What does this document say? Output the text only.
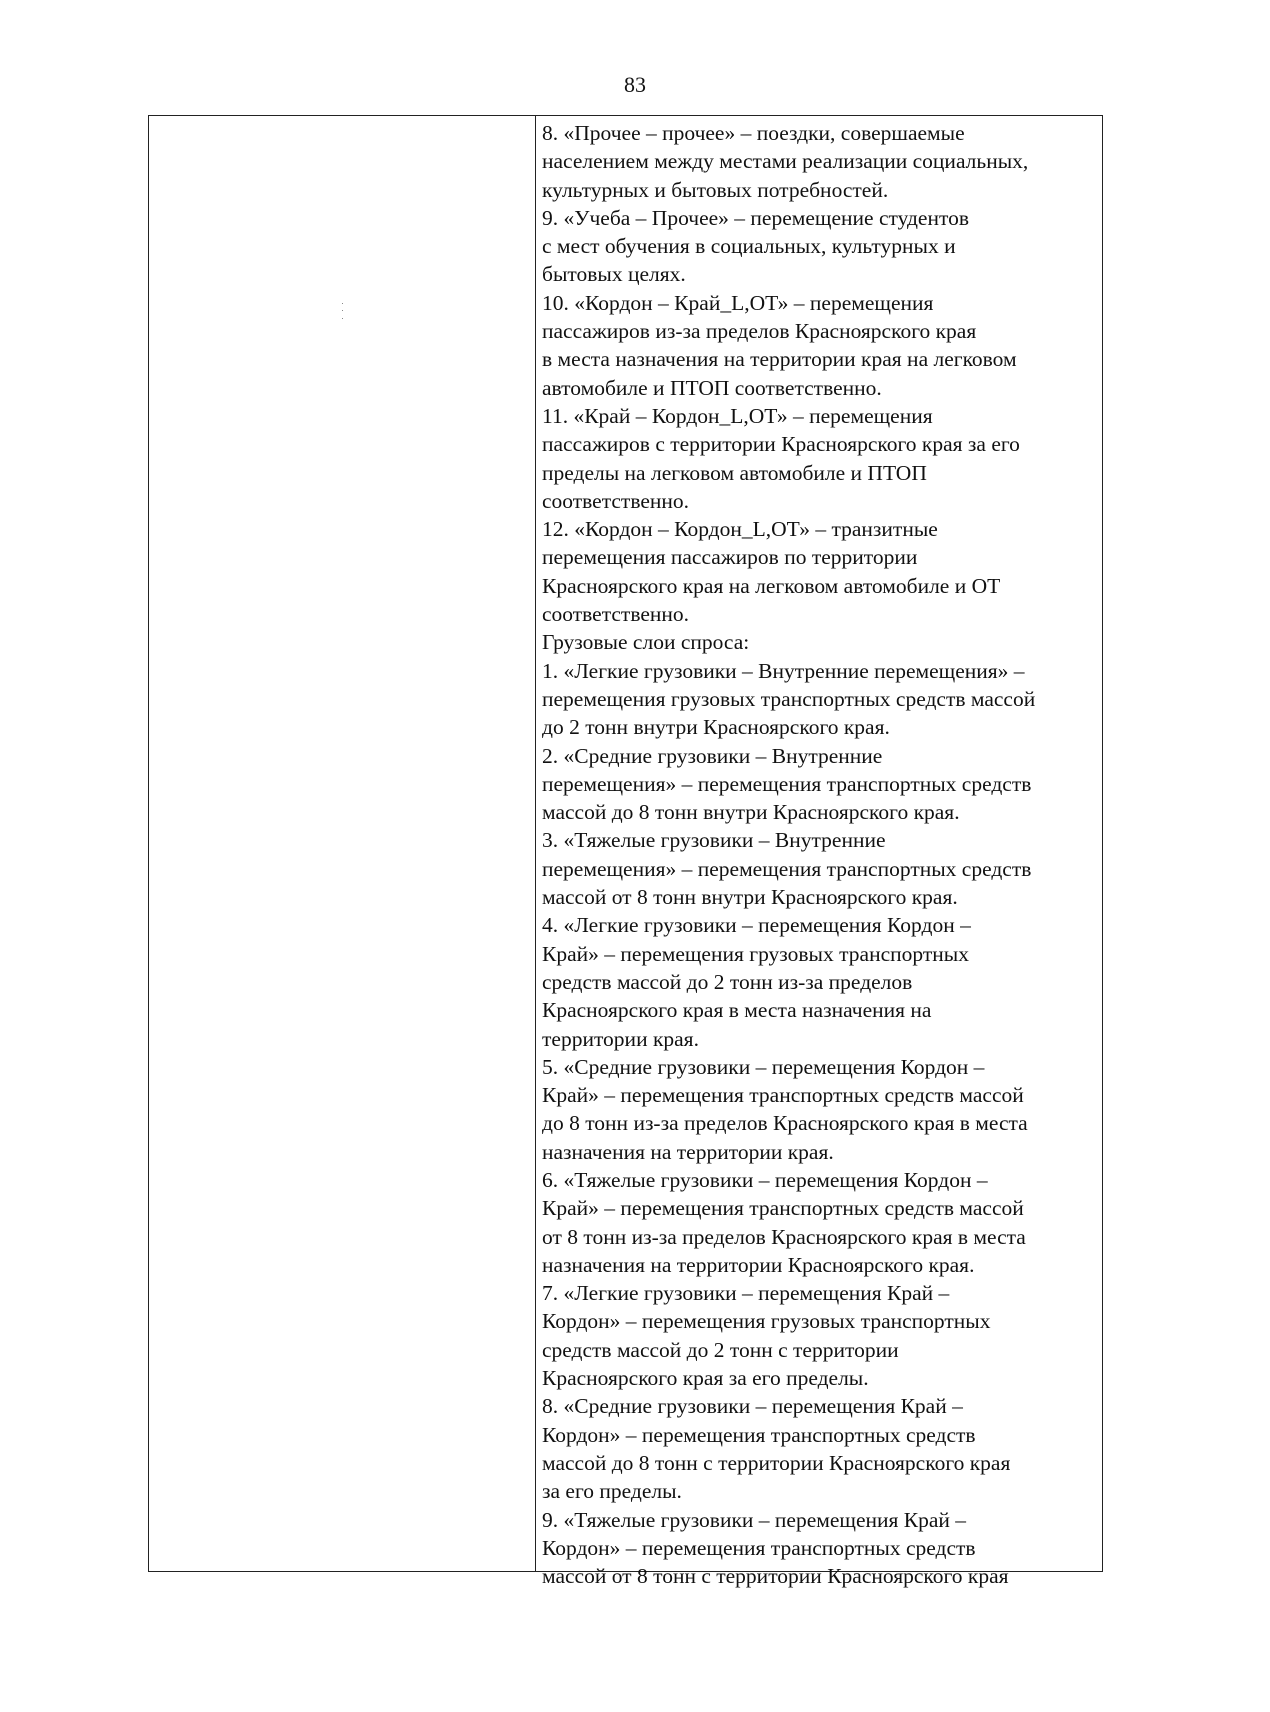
83
8. «Прочее – прочее» – поездки, совершаемые
населением между местами реализации социальных,
культурных и бытовых потребностей.
9. «Учеба – Прочее» – перемещение студентов
с мест обучения в социальных, культурных и
бытовых целях.
10. «Кордон – Край_L,ОТ» – перемещения
пассажиров из-за пределов Красноярского края
в места назначения на территории края на легковом
автомобиле и ПТОП соответственно.
11. «Край – Кордон_L,ОТ» – перемещения
пассажиров с территории Красноярского края за его
пределы на легковом автомобиле и ПТОП
соответственно.
12. «Кордон – Кордон_L,ОТ» – транзитные
перемещения пассажиров по территории
Красноярского края на легковом автомобиле и ОТ
соответственно.
Грузовые слои спроса:
1. «Легкие грузовики – Внутренние перемещения» –
перемещения грузовых транспортных средств массой
до 2 тонн внутри Красноярского края.
2. «Средние грузовики – Внутренние
перемещения» – перемещения транспортных средств
массой до 8 тонн внутри Красноярского края.
3. «Тяжелые грузовики – Внутренние
перемещения» – перемещения транспортных средств
массой от 8 тонн внутри Красноярского края.
4. «Легкие грузовики – перемещения Кордон –
Край» – перемещения грузовых транспортных
средств массой до 2 тонн из-за пределов
Красноярского края в места назначения на
территории края.
5. «Средние грузовики – перемещения Кордон –
Край» – перемещения транспортных средств массой
до 8 тонн из-за пределов Красноярского края в места
назначения на территории края.
6. «Тяжелые грузовики – перемещения Кордон –
Край» – перемещения транспортных средств массой
от 8 тонн из-за пределов Красноярского края в места
назначения на территории Красноярского края.
7. «Легкие грузовики – перемещения Край –
Кордон» – перемещения грузовых транспортных
средств массой до 2 тонн с территории
Красноярского края за его пределы.
8. «Средние грузовики – перемещения Край –
Кордон» – перемещения транспортных средств
массой до 8 тонн с территории Красноярского края
за его пределы.
9. «Тяжелые грузовики – перемещения Край –
Кордон» – перемещения транспортных средств
массой от 8 тонн с территории Красноярского края
